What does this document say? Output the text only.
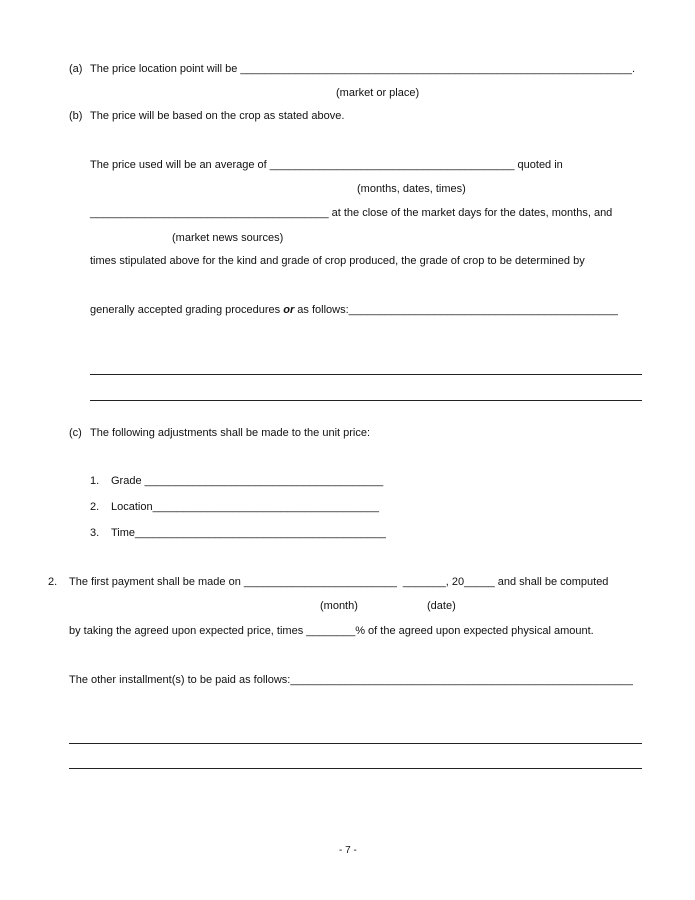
(a) The price location point will be ________________________________________________________________.
(market or place)
(b) The price will be based on the crop as stated above.
The price used will be an average of ________________________________________ quoted in
(months, dates, times)
_______________________________________ at the close of the market days for the dates, months, and
(market news sources)
times stipulated above for the kind and grade of crop produced, the grade of crop to be determined by
generally accepted grading procedures or as follows:____________________________________________
(c) The following adjustments shall be made to the unit price:
1. Grade _______________________________________
2. Location_____________________________________
3. Time_________________________________________
2. The first payment shall be made on _________________________  _______, 20_____ and shall be computed
(month)	(date)
by taking the agreed upon expected price, times ________% of the agreed upon expected physical amount.
The other installment(s) to be paid as follows:________________________________________________________
- 7 -
